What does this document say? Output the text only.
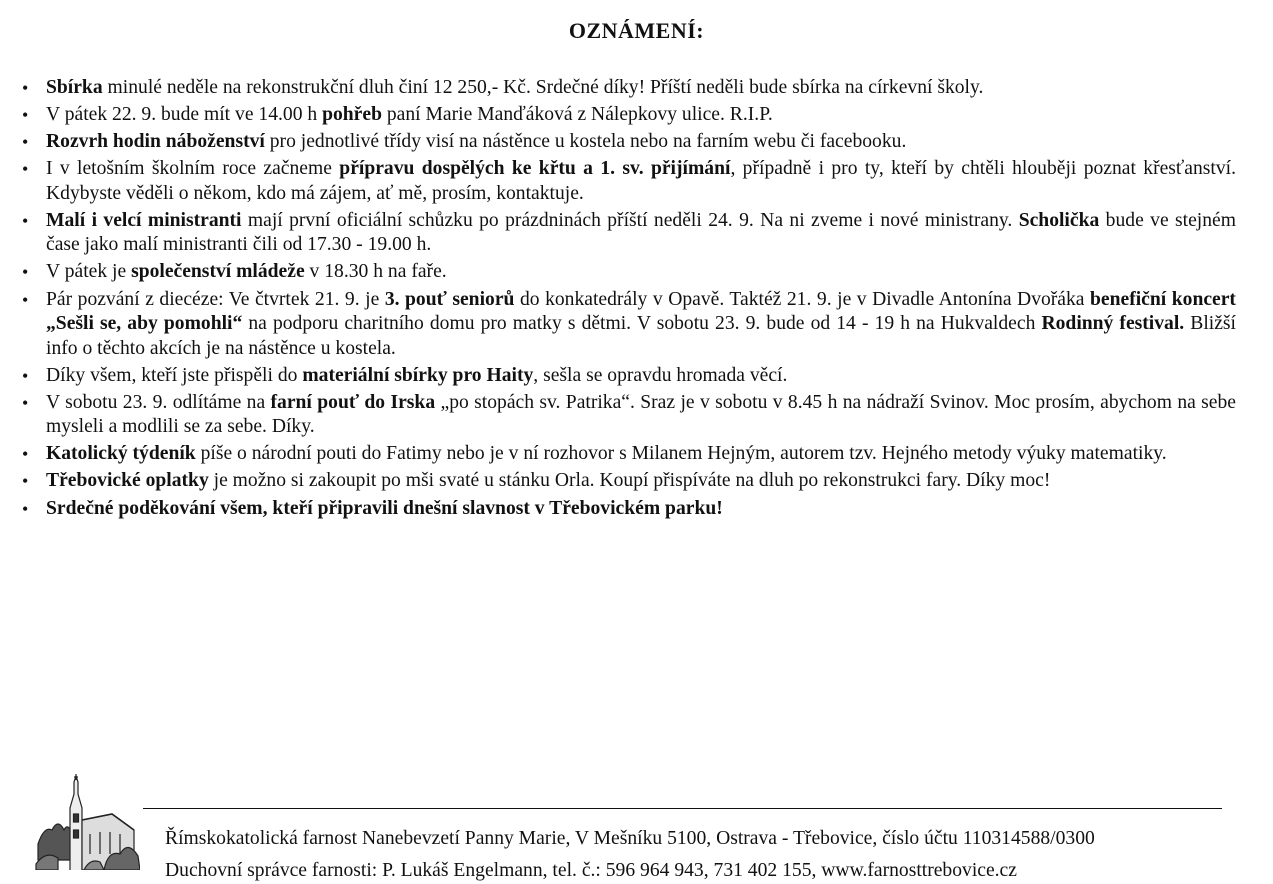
OZNÁMENÍ:
• Sbírka minulé neděle na rekonstrukční dluh činí 12 250,- Kč. Srdečné díky! Příští neděli bude sbírka na církevní školy.
• V pátek 22. 9. bude mít ve 14.00 h pohřeb paní Marie Manďáková z Nálepkovy ulice. R.I.P.
• Rozvrh hodin náboženství pro jednotlivé třídy visí na nástěnce u kostela nebo na farním webu či facebooku.
• I v letošním školním roce začneme přípravu dospělých ke křtu a 1. sv. přijímání, případně i pro ty, kteří by chtěli hlouběji poznat křesťanství. Kdybyste věděli o někom, kdo má zájem, ať mě, prosím, kontaktuje.
• Malí i velcí ministranti mají první oficiální schůzku po prázdninách příští neděli 24. 9. Na ni zveme i nové ministrany. Scholička bude ve stejném čase jako malí ministranti čili od 17.30 - 19.00 h.
• V pátek je společenství mládeže v 18.30 h na faře.
• Pár pozvání z diecéze: Ve čtvrtek 21. 9. je 3. pouť seniorů do konkatedrály v Opavě. Taktéž 21. 9. je v Divadle Antonína Dvořáka benefiční koncert „Sešli se, aby pomohli“ na podporu charitního domu pro matky s dětmi. V sobotu 23. 9. bude od 14 - 19 h na Hukvaldech Rodinný festival. Bližší info o těchto akcích je na nástěnce u kostela.
• Díky všem, kteří jste přispěli do materiální sbírky pro Haity, sešla se opravdu hromada věcí.
• V sobotu 23. 9. odlítáme na farní pouť do Irska „po stopách sv. Patrika“. Sraz je v sobotu v 8.45 h na nádraží Svinov. Moc prosím, abychom na sebe mysleli a modlili se za sebe. Díky.
• Katolický týdeník píše o národní pouti do Fatimy nebo je v ní rozhovor s Milanem Hejným, autorem tzv. Hejného metody výuky matematiky.
• Třebovické oplatky je možno si zakoupit po mši svaté u stánku Orla. Koupí přispíváte na dluh po rekonstrukci fary. Díky moc!
• Srdečné poděkování všem, kteří připravili dnešní slavnost v Třebovickém parku!
Římskokatolická farnost Nanebevzetí Panny Marie, V Mešníku 5100, Ostrava - Třebovice, číslo účtu 110314588/0300
Duchovní správce farnosti: P. Lukáš Engelmann, tel. č.: 596 964 943, 731 402 155, www.farnosttrebovice.cz
